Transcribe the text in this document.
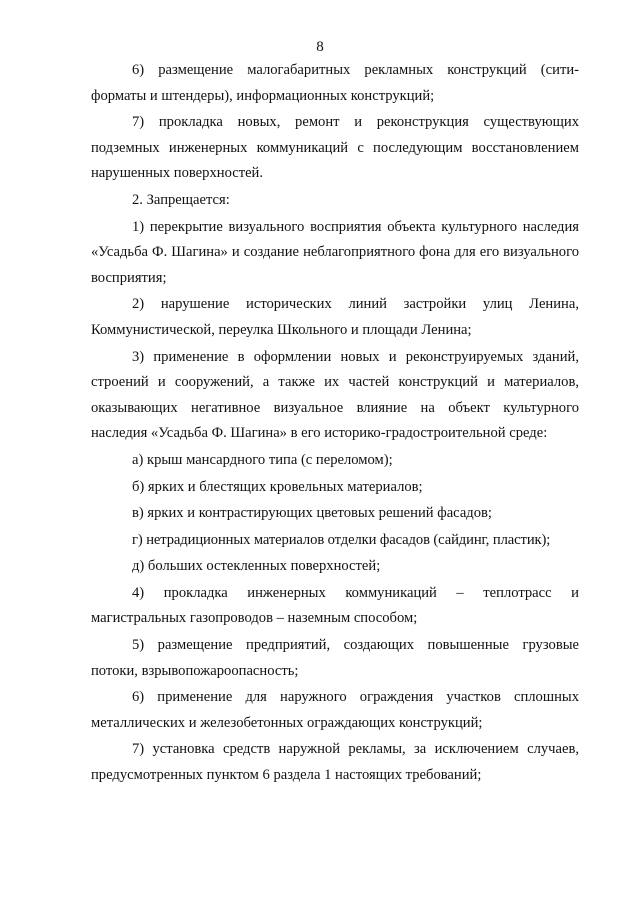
8

6) размещение малогабаритных рекламных конструкций (сити-форматы и штендеры), информационных конструкций;

7) прокладка новых, ремонт и реконструкция существующих подземных инженерных коммуникаций с последующим восстановлением нарушенных поверхностей.

2. Запрещается:

1) перекрытие визуального восприятия объекта культурного наследия «Усадьба Ф. Шагина» и создание неблагоприятного фона для его визуального восприятия;

2) нарушение исторических линий застройки улиц Ленина, Коммунистической, переулка Школьного и площади Ленина;

3) применение в оформлении новых и реконструируемых зданий, строений и сооружений, а также их частей конструкций и материалов, оказывающих негативное визуальное влияние на объект культурного наследия «Усадьба Ф. Шагина» в его историко-градостроительной среде:

а) крыш мансардного типа (с переломом);

б) ярких и блестящих кровельных материалов;

в) ярких и контрастирующих цветовых решений фасадов;

г) нетрадиционных материалов отделки фасадов (сайдинг, пластик);

д) больших остекленных поверхностей;

4) прокладка инженерных коммуникаций – теплотрасс и магистральных газопроводов – наземным способом;

5) размещение предприятий, создающих повышенные грузовые потоки, взрывопожароопасность;

6) применение для наружного ограждения участков сплошных металлических и железобетонных ограждающих конструкций;

7) установка средств наружной рекламы, за исключением случаев, предусмотренных пунктом 6 раздела 1 настоящих требований;
